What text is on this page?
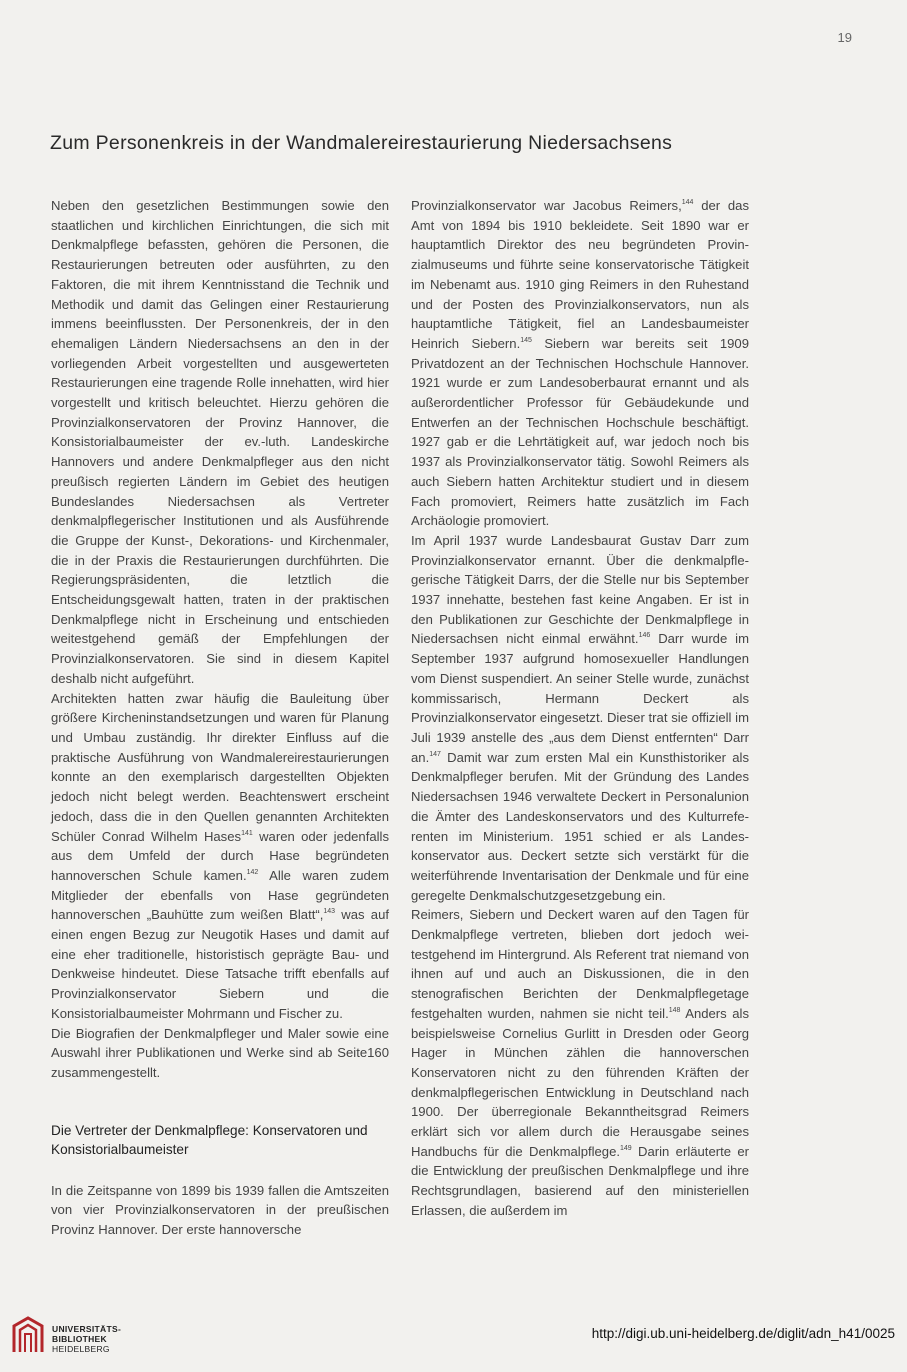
19
Zum Personenkreis in der Wandmalereirestaurierung Niedersachsens

Neben den gesetzlichen Bestimmungen sowie den staatlichen und kirchlichen Einrichtungen, die sich mit Denkmalpflege befassten, gehören die Personen, die Restaurierungen betreuten oder ausführten, zu den Faktoren, die mit ihrem Kenntnisstand die Technik und Methodik und damit das Gelingen einer Restaurierung immens beeinflussten. Der Personenkreis, der in den ehemaligen Ländern Niedersachsens an den in der vorliegenden Arbeit vorgestellten und ausgewerteten Restaurierungen eine tragende Rolle innehatten, wird hier vorgestellt und kritisch beleuchtet. Hierzu gehören die Provinzialkonservatoren der Provinz Hannover, die Konsistorialbaumeister der ev.-luth. Landeskirche Hannovers und andere Denkmalpfleger aus den nicht preußisch regierten Ländern im Gebiet des heutigen Bundeslandes Niedersachsen als Vertreter denkmalpflegerischer Institutionen und als Ausführende die Gruppe der Kunst-, Dekorations- und Kirchenmaler, die in der Praxis die Restaurierungen durchführten. Die Regierungspräsidenten, die letztlich die Entscheidungsgewalt hatten, traten in der praktischen Denkmalpflege nicht in Erscheinung und entschieden weitestgehend gemäß der Empfehlungen der Provinzialkonservatoren. Sie sind in diesem Kapitel deshalb nicht aufgeführt.

Architekten hatten zwar häufig die Bauleitung über größere Kircheninstandsetzungen und waren für Planung und Umbau zuständig. Ihr direkter Einfluss auf die praktische Ausführung von Wandmalereirestaurierungen konnte an den exemplarisch dargestellten Objekten jedoch nicht belegt werden. Beachtenswert erscheint jedoch, dass die in den Quellen genannten Architekten Schüler Conrad Wilhelm Hases$^{141}$ waren oder jedenfalls aus dem Umfeld der durch Hase begründeten hannoverschen Schule kamen.$^{142}$ Alle waren zudem Mitglieder der ebenfalls von Hase gegründeten hannoverschen „Bauhütte zum weißen Blatt“,$^{143}$ was auf einen engen Bezug zur Neugotik Hases und damit auf eine eher traditionelle, historistisch geprägte Bau- und Denkweise hindeutet. Diese Tatsache trifft ebenfalls auf Provinzialkonservator Siebern und die Konsistorialbaumeister Mohrmann und Fischer zu.

Die Biografien der Denkmalpfleger und Maler sowie eine Auswahl ihrer Publikationen und Werke sind ab Seite160 zusammengestellt.

Die Vertreter der Denkmalpflege: Konservatoren und Konsistorialbaumeister

In die Zeitspanne von 1899 bis 1939 fallen die Amtszeiten von vier Provinzialkonservatoren in der preußischen Provinz Hannover. Der erste hannoversche

Provinzialkonservator war Jacobus Reimers,$^{144}$ der das Amt von 1894 bis 1910 bekleidete. Seit 1890 war er hauptamtlich Direktor des neu begründeten Provinzialmuseums und führte seine konservatorische Tätigkeit im Nebenamt aus. 1910 ging Reimers in den Ruhestand und der Posten des Provinzialkonservators, nun als hauptamtliche Tätigkeit, fiel an Landesbaumeister Heinrich Siebern.$^{145}$ Siebern war bereits seit 1909 Privatdozent an der Technischen Hochschule Hannover. 1921 wurde er zum Landesoberbaurat ernannt und als außerordentlicher Professor für Gebäudekunde und Entwerfen an der Technischen Hochschule beschäftigt. 1927 gab er die Lehrtätigkeit auf, war jedoch noch bis 1937 als Provinzialkonservator tätig. Sowohl Reimers als auch Siebern hatten Architektur studiert und in diesem Fach promoviert, Reimers hatte zusätzlich im Fach Archäologie promoviert.

Im April 1937 wurde Landesbaurat Gustav Darr zum Provinzialkonservator ernannt. Über die denkmalpflegerische Tätigkeit Darrs, der die Stelle nur bis September 1937 innehatte, bestehen fast keine Angaben. Er ist in den Publikationen zur Geschichte der Denkmalpflege in Niedersachsen nicht einmal erwähnt.$^{146}$ Darr wurde im September 1937 aufgrund homosexueller Handlungen vom Dienst suspendiert. An seiner Stelle wurde, zunächst kommissarisch, Hermann Deckert als Provinzialkonservator eingesetzt. Dieser trat sie offiziell im Juli 1939 anstelle des „aus dem Dienst entfernten“ Darr an.$^{147}$ Damit war zum ersten Mal ein Kunsthistoriker als Denkmalpfleger berufen. Mit der Gründung des Landes Niedersachsen 1946 verwaltete Deckert in Personalunion die Ämter des Landeskonservators und des Kulturreferenten im Ministerium. 1951 schied er als Landeskonservator aus. Deckert setzte sich verstärkt für die weiterführende Inventarisation der Denkmale und für eine geregelte Denkmalschutzgesetzgebung ein.

Reimers, Siebern und Deckert waren auf den Tagen für Denkmalpflege vertreten, blieben dort jedoch weitestgehend im Hintergrund. Als Referent trat niemand von ihnen auf und auch an Diskussionen, die in den stenografischen Berichten der Denkmalpflegetage festgehalten wurden, nahmen sie nicht teil.$^{148}$ Anders als beispielsweise Cornelius Gurlitt in Dresden oder Georg Hager in München zählen die hannoverschen Konservatoren nicht zu den führenden Kräften der denkmalpflegerischen Entwicklung in Deutschland nach 1900. Der überregionale Bekanntheitsgrad Reimers erklärt sich vor allem durch die Herausgabe seines Handbuchs für die Denkmalpflege.$^{149}$ Darin erläuterte er die Entwicklung der preußischen Denkmalpflege und ihre Rechtsgrundlagen, basierend auf den ministeriellen Erlassen, die außerdem im

UNIVERSITÄTS-
BIBLIOTHEK
HEIDELBERG
http://digi.ub.uni-heidelberg.de/diglit/adn_h41/0025
